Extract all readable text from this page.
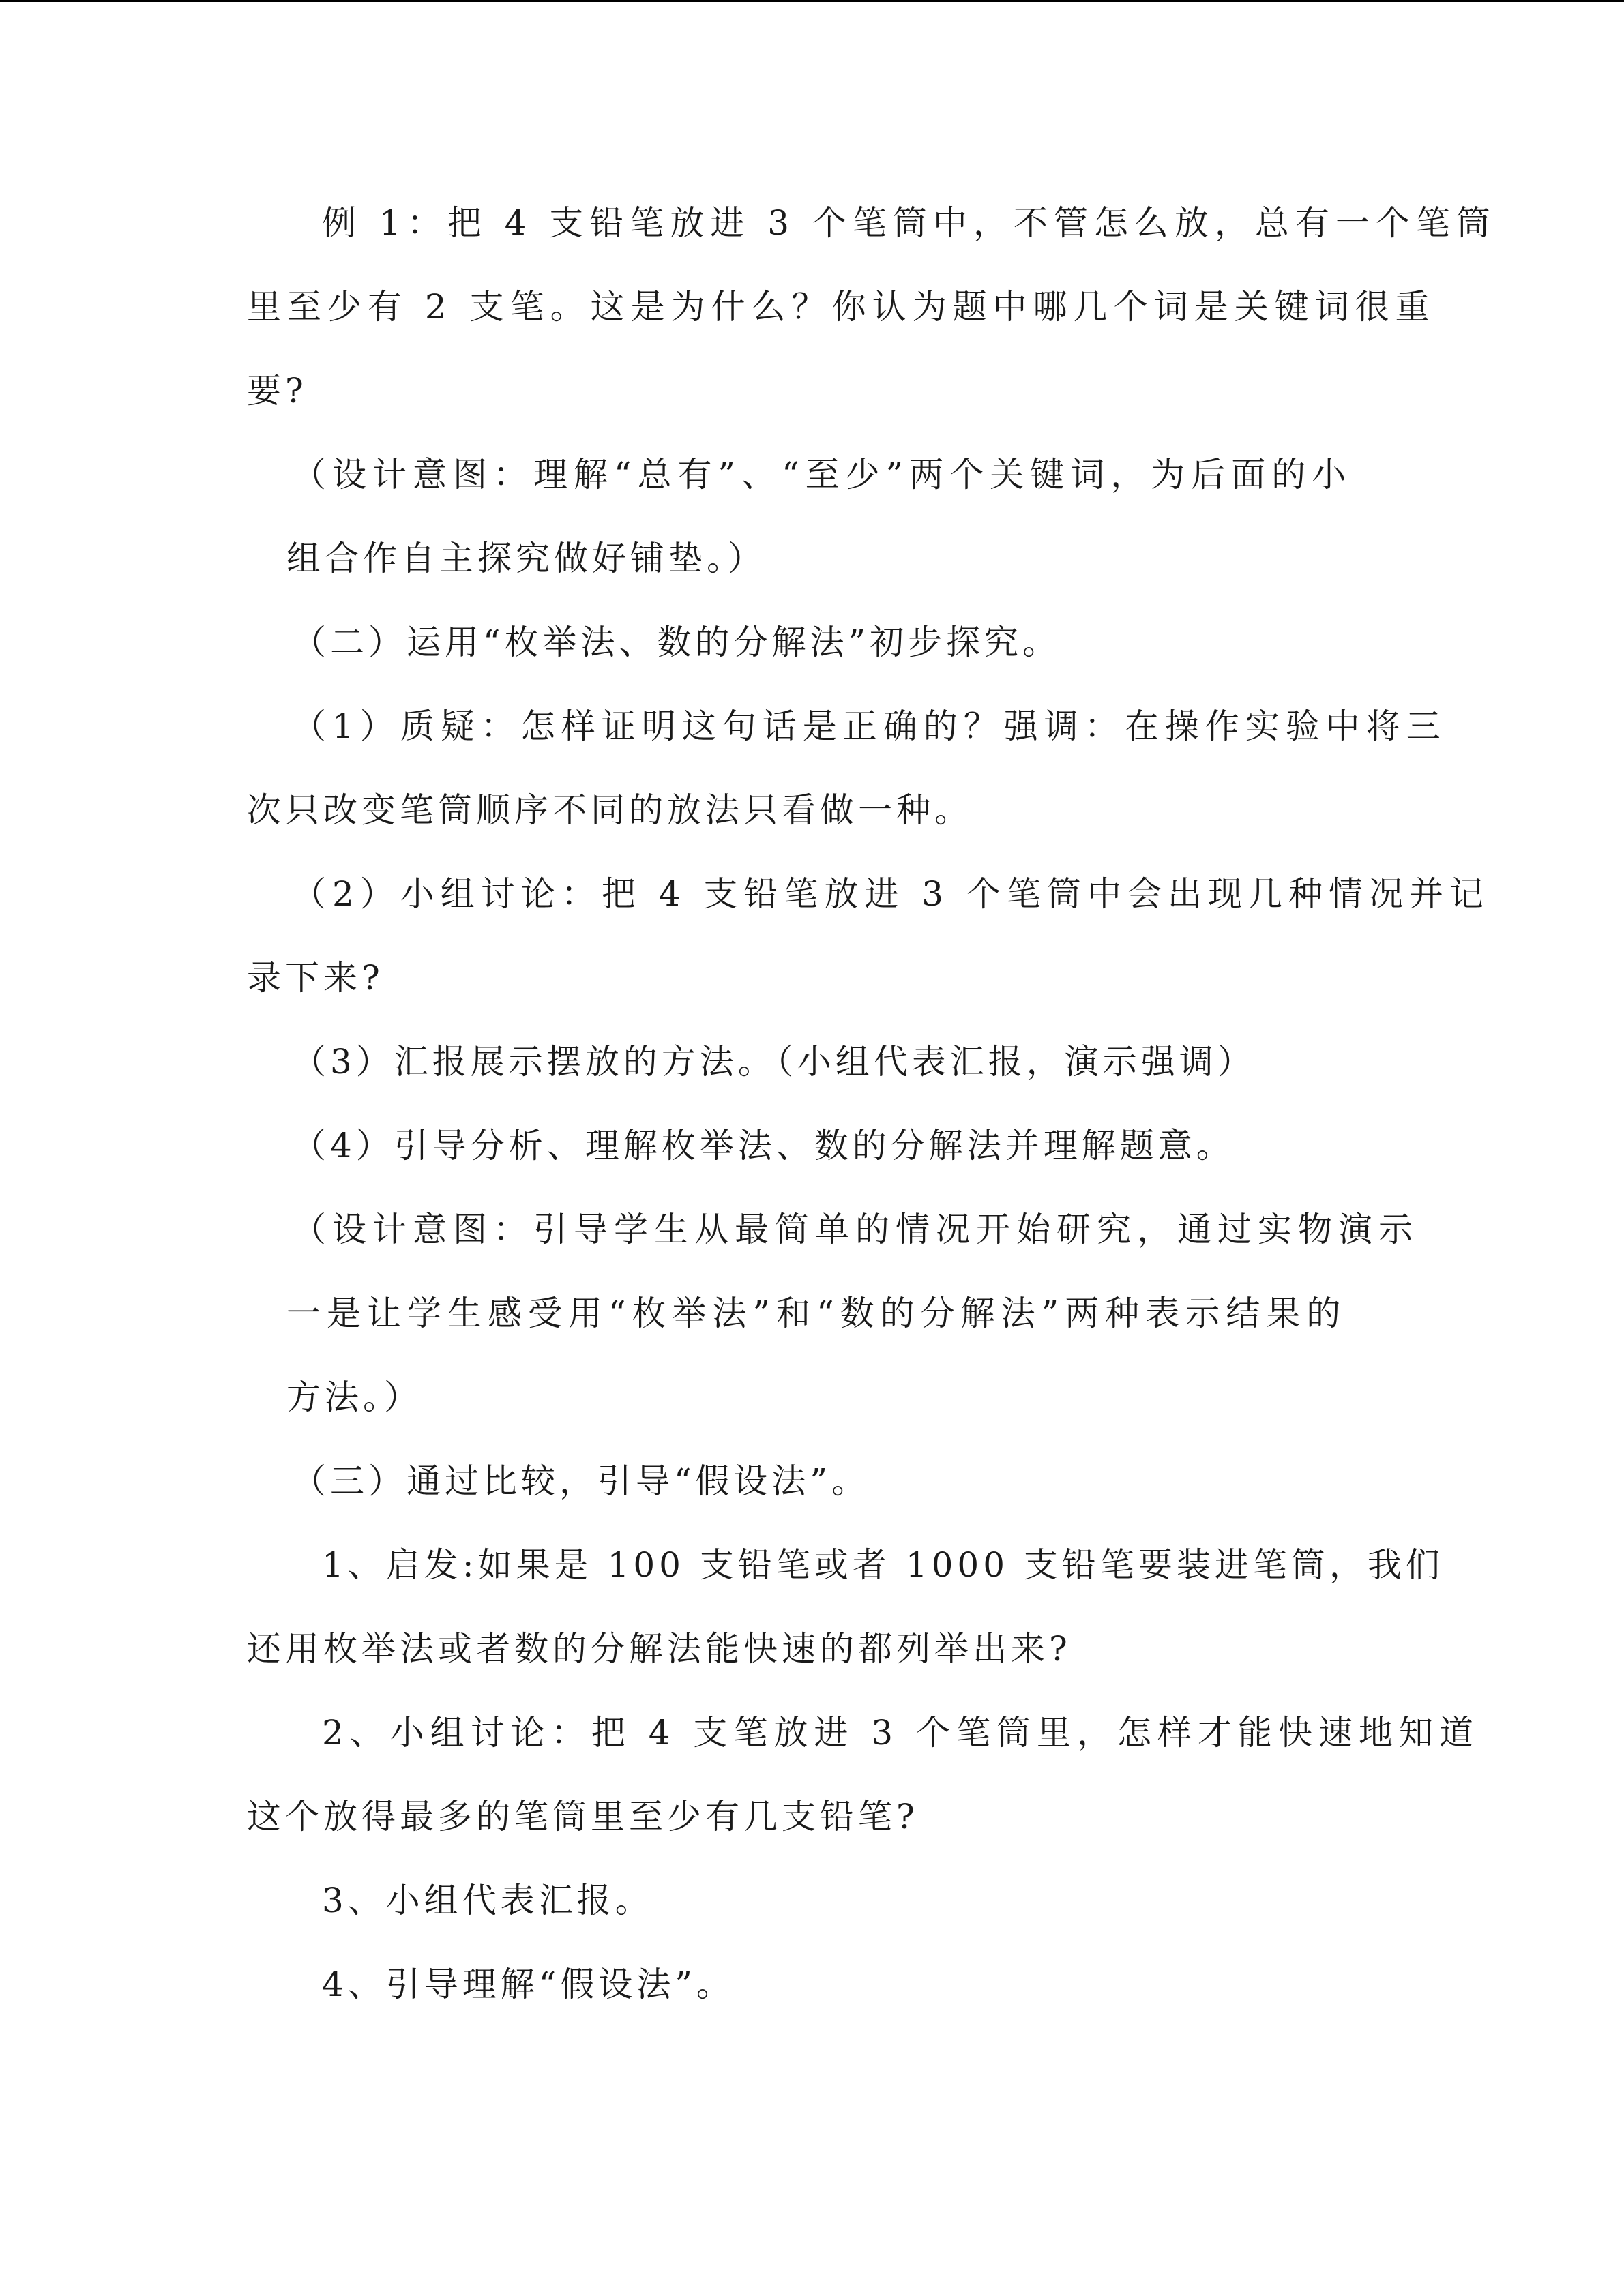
例 1：把 4 支铅笔放进 3 个笔筒中，不管怎么放，总有一个笔筒
里至少有 2 支笔。这是为什么？你认为题中哪几个词是关键词很重
要?
（设计意图：理解“总有”、“至少”两个关键词，为后面的小
组合作自主探究做好铺垫。）
（二）运用“枚举法、数的分解法”初步探究。
（1）质疑：怎样证明这句话是正确的？强调：在操作实验中将三
次只改变笔筒顺序不同的放法只看做一种。
（2）小组讨论：把 4 支铅笔放进 3 个笔筒中会出现几种情况并记
录下来?
（3）汇报展示摆放的方法。（小组代表汇报，演示强调）
（4）引导分析、理解枚举法、数的分解法并理解题意。
（设计意图：引导学生从最简单的情况开始研究，通过实物演示
一是让学生感受用“枚举法”和“数的分解法”两种表示结果的
方法。）
（三）通过比较，引导“假设法”。
1、启发:如果是 100 支铅笔或者 1000 支铅笔要装进笔筒，我们
还用枚举法或者数的分解法能快速的都列举出来?
2、小组讨论：把 4 支笔放进 3 个笔筒里，怎样才能快速地知道
这个放得最多的笔筒里至少有几支铅笔?
3、小组代表汇报。
4、引导理解“假设法”。
